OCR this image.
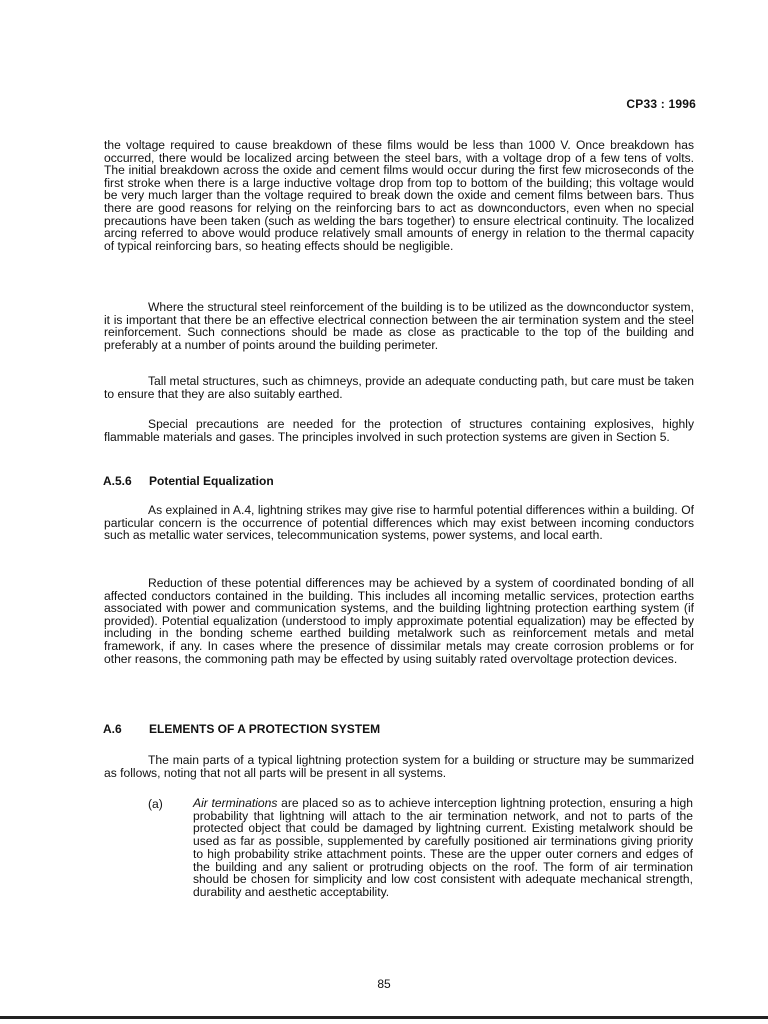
CP33 : 1996

the voltage required to cause breakdown of these films would be less than 1000 V. Once breakdown has occurred, there would be localized arcing between the steel bars, with a voltage drop of a few tens of volts. The initial breakdown across the oxide and cement films would occur during the first few microseconds of the first stroke when there is a large inductive voltage drop from top to bottom of the building; this voltage would be very much larger than the voltage required to break down the oxide and cement films between bars. Thus there are good reasons for relying on the reinforcing bars to act as downconductors, even when no special precautions have been taken (such as welding the bars together) to ensure electrical continuity. The localized arcing referred to above would produce relatively small amounts of energy in relation to the thermal capacity of typical reinforcing bars, so heating effects should be negligible.

Where the structural steel reinforcement of the building is to be utilized as the downconductor system, it is important that there be an effective electrical connection between the air termination system and the steel reinforcement. Such connections should be made as close as practicable to the top of the building and preferably at a number of points around the building perimeter.

Tall metal structures, such as chimneys, provide an adequate conducting path, but care must be taken to ensure that they are also suitably earthed.

Special precautions are needed for the protection of structures containing explosives, highly flammable materials and gases. The principles involved in such protection systems are given in Section 5.

A.5.6 Potential Equalization

As explained in A.4, lightning strikes may give rise to harmful potential differences within a building. Of particular concern is the occurrence of potential differences which may exist between incoming conductors such as metallic water services, telecommunication systems, power systems, and local earth.

Reduction of these potential differences may be achieved by a system of coordinated bonding of all affected conductors contained in the building. This includes all incoming metallic services, protection earths associated with power and communication systems, and the building lightning protection earthing system (if provided). Potential equalization (understood to imply approximate potential equalization) may be effected by including in the bonding scheme earthed building metalwork such as reinforcement metals and metal framework, if any. In cases where the presence of dissimilar metals may create corrosion problems or for other reasons, the commoning path may be effected by using suitably rated overvoltage protection devices.

A.6 ELEMENTS OF A PROTECTION SYSTEM

The main parts of a typical lightning protection system for a building or structure may be summarized as follows, noting that not all parts will be present in all systems.

(a) Air terminations are placed so as to achieve interception lightning protection, ensuring a high probability that lightning will attach to the air termination network, and not to parts of the protected object that could be damaged by lightning current. Existing metalwork should be used as far as possible, supplemented by carefully positioned air terminations giving priority to high probability strike attachment points. These are the upper outer corners and edges of the building and any salient or protruding objects on the roof. The form of air termination should be chosen for simplicity and low cost consistent with adequate mechanical strength, durability and aesthetic acceptability.

85
